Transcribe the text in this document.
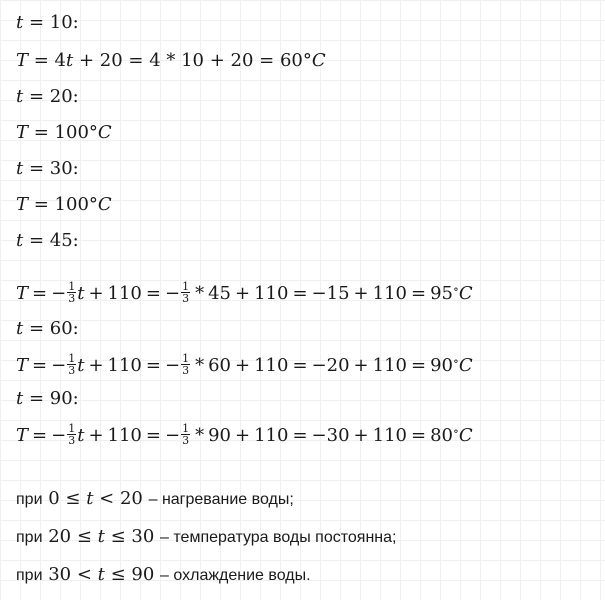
t = 10:
T = 4t + 20 = 4 * 10 + 20 = 60°C
t = 20:
T = 100°C
t = 30:
T = 100°C
t = 45:
T = − $\frac{1}{3}$ t + 110 = − $\frac{1}{3} * 45 + 110 = -15 + 110 = 95^\circ C$
t = 60:
T = − $\frac{1}{3}$ t + 110 = − $\frac{1}{3} * 60 + 110 = -20 + 110 = 90^\circ C$
t = 90:
T = − $\frac{1}{3}$ t + 110 = − $\frac{1}{3} * 90 + 110 = -30 + 110 = 80^\circ C$
при 0 ≤ t < 20 – нагревание воды;
при 20 ≤ t ≤ 30 – температура воды постоянна;
при 30 < t ≤ 90 – охлаждение воды.
